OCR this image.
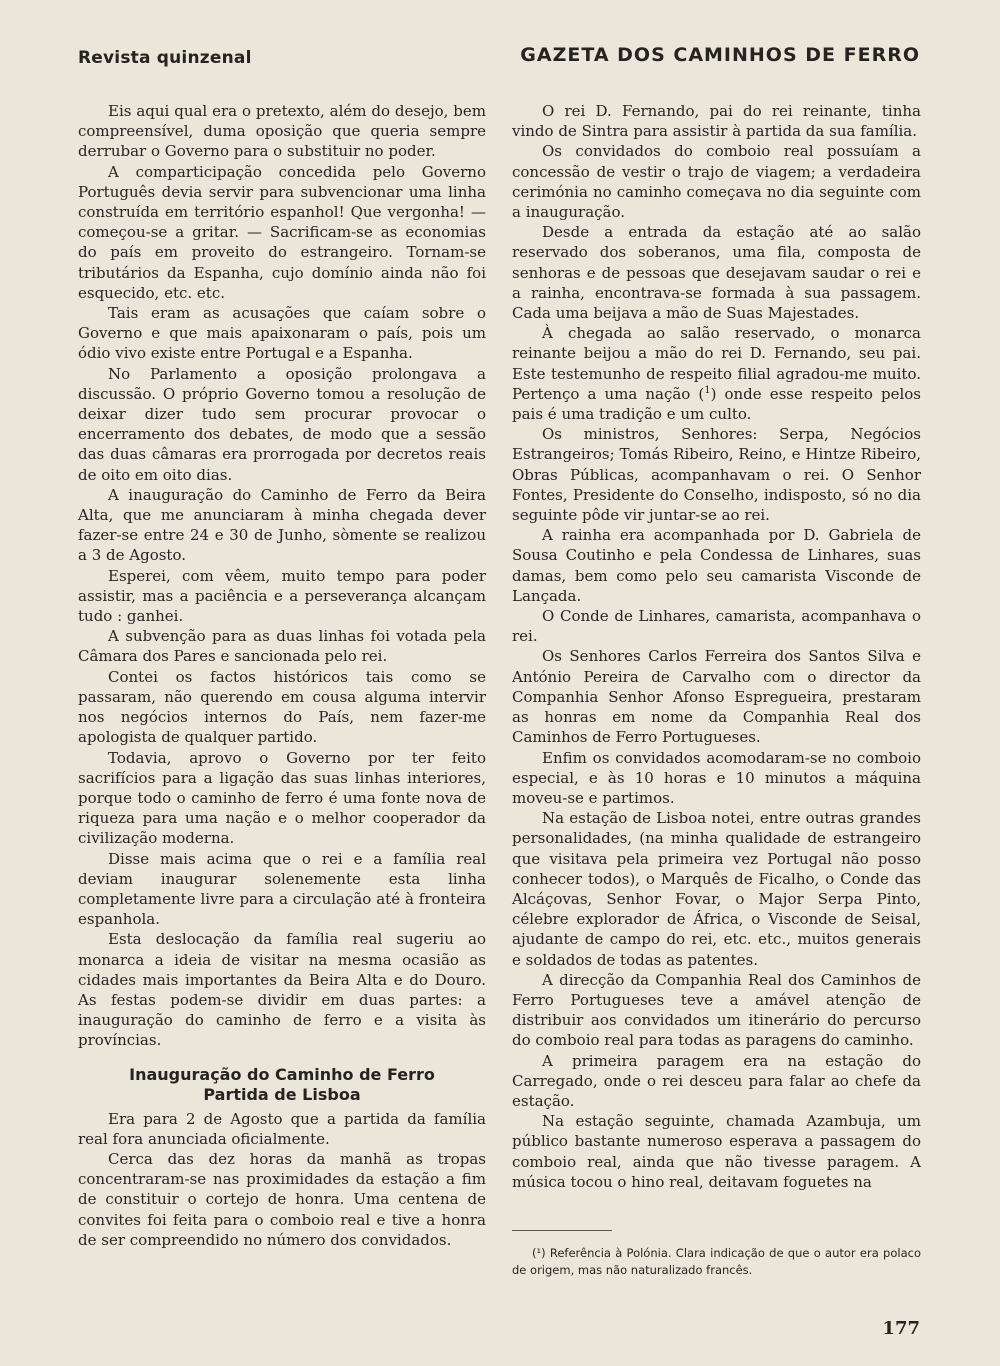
Revista quinzenal	GAZETA DOS CAMINHOS DE FERRO

Eis aqui qual era o pretexto, além do desejo, bem compreensível, duma oposição que queria sempre derrubar o Governo para o substituir no poder.

A comparticipação concedida pelo Governo Português devia servir para subvencionar uma linha construída em território espanhol! Que vergonha! — começou-se a gritar. — Sacrificam-se as economias do país em proveito do estrangeiro. Tornam-se tributários da Espanha, cujo domínio ainda não foi esquecido, etc. etc.

Tais eram as acusações que caíam sobre o Governo e que mais apaixonaram o país, pois um ódio vivo existe entre Portugal e a Espanha.

No Parlamento a oposição prolongava a discussão. O próprio Governo tomou a resolução de deixar dizer tudo sem procurar provocar o encerramento dos debates, de modo que a sessão das duas câmaras era prorrogada por decretos reais de oito em oito dias.

A inauguração do Caminho de Ferro da Beira Alta, que me anunciaram à minha chegada dever fazer-se entre 24 e 30 de Junho, sòmente se realizou a 3 de Agosto.

Esperei, com vêem, muito tempo para poder assistir, mas a paciência e a perseverança alcançam tudo : ganhei.

A subvenção para as duas linhas foi votada pela Câmara dos Pares e sancionada pelo rei.

Contei os factos históricos tais como se passaram, não querendo em cousa alguma intervir nos negócios internos do País, nem fazer-me apologista de qualquer partido.

Todavia, aprovo o Governo por ter feito sacrifícios para a ligação das suas linhas interiores, porque todo o caminho de ferro é uma fonte nova de riqueza para uma nação e o melhor cooperador da civilização moderna.

Disse mais acima que o rei e a família real deviam inaugurar solenemente esta linha completamente livre para a circulação até à fronteira espanhola.

Esta deslocação da família real sugeriu ao monarca a ideia de visitar na mesma ocasião as cidades mais importantes da Beira Alta e do Douro. As festas podem-se dividir em duas partes: a inauguração do caminho de ferro e a visita às províncias.

Inauguração do Caminho de Ferro
Partida de Lisboa

Era para 2 de Agosto que a partida da família real fora anunciada oficialmente.

Cerca das dez horas da manhã as tropas concentraram-se nas proximidades da estação a fim de constituir o cortejo de honra. Uma centena de convites foi feita para o comboio real e tive a honra de ser compreendido no número dos convidados.

O rei D. Fernando, pai do rei reinante, tinha vindo de Sintra para assistir à partida da sua família.

Os convidados do comboio real possuíam a concessão de vestir o trajo de viagem; a verdadeira cerimónia no caminho começava no dia seguinte com a inauguração.

Desde a entrada da estação até ao salão reservado dos soberanos, uma fila, composta de senhoras e de pessoas que desejavam saudar o rei e a rainha, encontrava-se formada à sua passagem. Cada uma beijava a mão de Suas Majestades.

À chegada ao salão reservado, o monarca reinante beijou a mão do rei D. Fernando, seu pai. Este testemunho de respeito filial agradou-me muito. Pertenço a uma nação ($^1$) onde esse respeito pelos pais é uma tradição e um culto.

Os ministros, Senhores: Serpa, Negócios Estrangeiros; Tomás Ribeiro, Reino, e Hintze Ribeiro, Obras Públicas, acompanhavam o rei. O Senhor Fontes, Presidente do Conselho, indisposto, só no dia seguinte pôde vir juntar-se ao rei.

A rainha era acompanhada por D. Gabriela de Sousa Coutinho e pela Condessa de Linhares, suas damas, bem como pelo seu camarista Visconde de Lançada.

O Conde de Linhares, camarista, acompanhava o rei.

Os Senhores Carlos Ferreira dos Santos Silva e António Pereira de Carvalho com o director da Companhia Senhor Afonso Espregueira, prestaram as honras em nome da Companhia Real dos Caminhos de Ferro Portugueses.

Enfim os convidados acomodaram-se no comboio especial, e às 10 horas e 10 minutos a máquina moveu-se e partimos.

Na estação de Lisboa notei, entre outras grandes personalidades, (na minha qualidade de estrangeiro que visitava pela primeira vez Portugal não posso conhecer todos), o Marquês de Ficalho, o Conde das Alcáçovas, Senhor Fovar, o Major Serpa Pinto, célebre explorador de África, o Visconde de Seisal, ajudante de campo do rei, etc. etc., muitos generais e soldados de todas as patentes.

A direcção da Companhia Real dos Caminhos de Ferro Portugueses teve a amável atenção de distribuir aos convidados um itinerário do percurso do comboio real para todas as paragens do caminho.

A primeira paragem era na estação do Carregado, onde o rei desceu para falar ao chefe da estação.

Na estação seguinte, chamada Azambuja, um público bastante numeroso esperava a passagem do comboio real, ainda que não tivesse paragem. A música tocou o hino real, deitavam foguetes na

(¹) Referência à Polónia. Clara indicação de que o autor era polaco de origem, mas não naturalizado francês.
177
